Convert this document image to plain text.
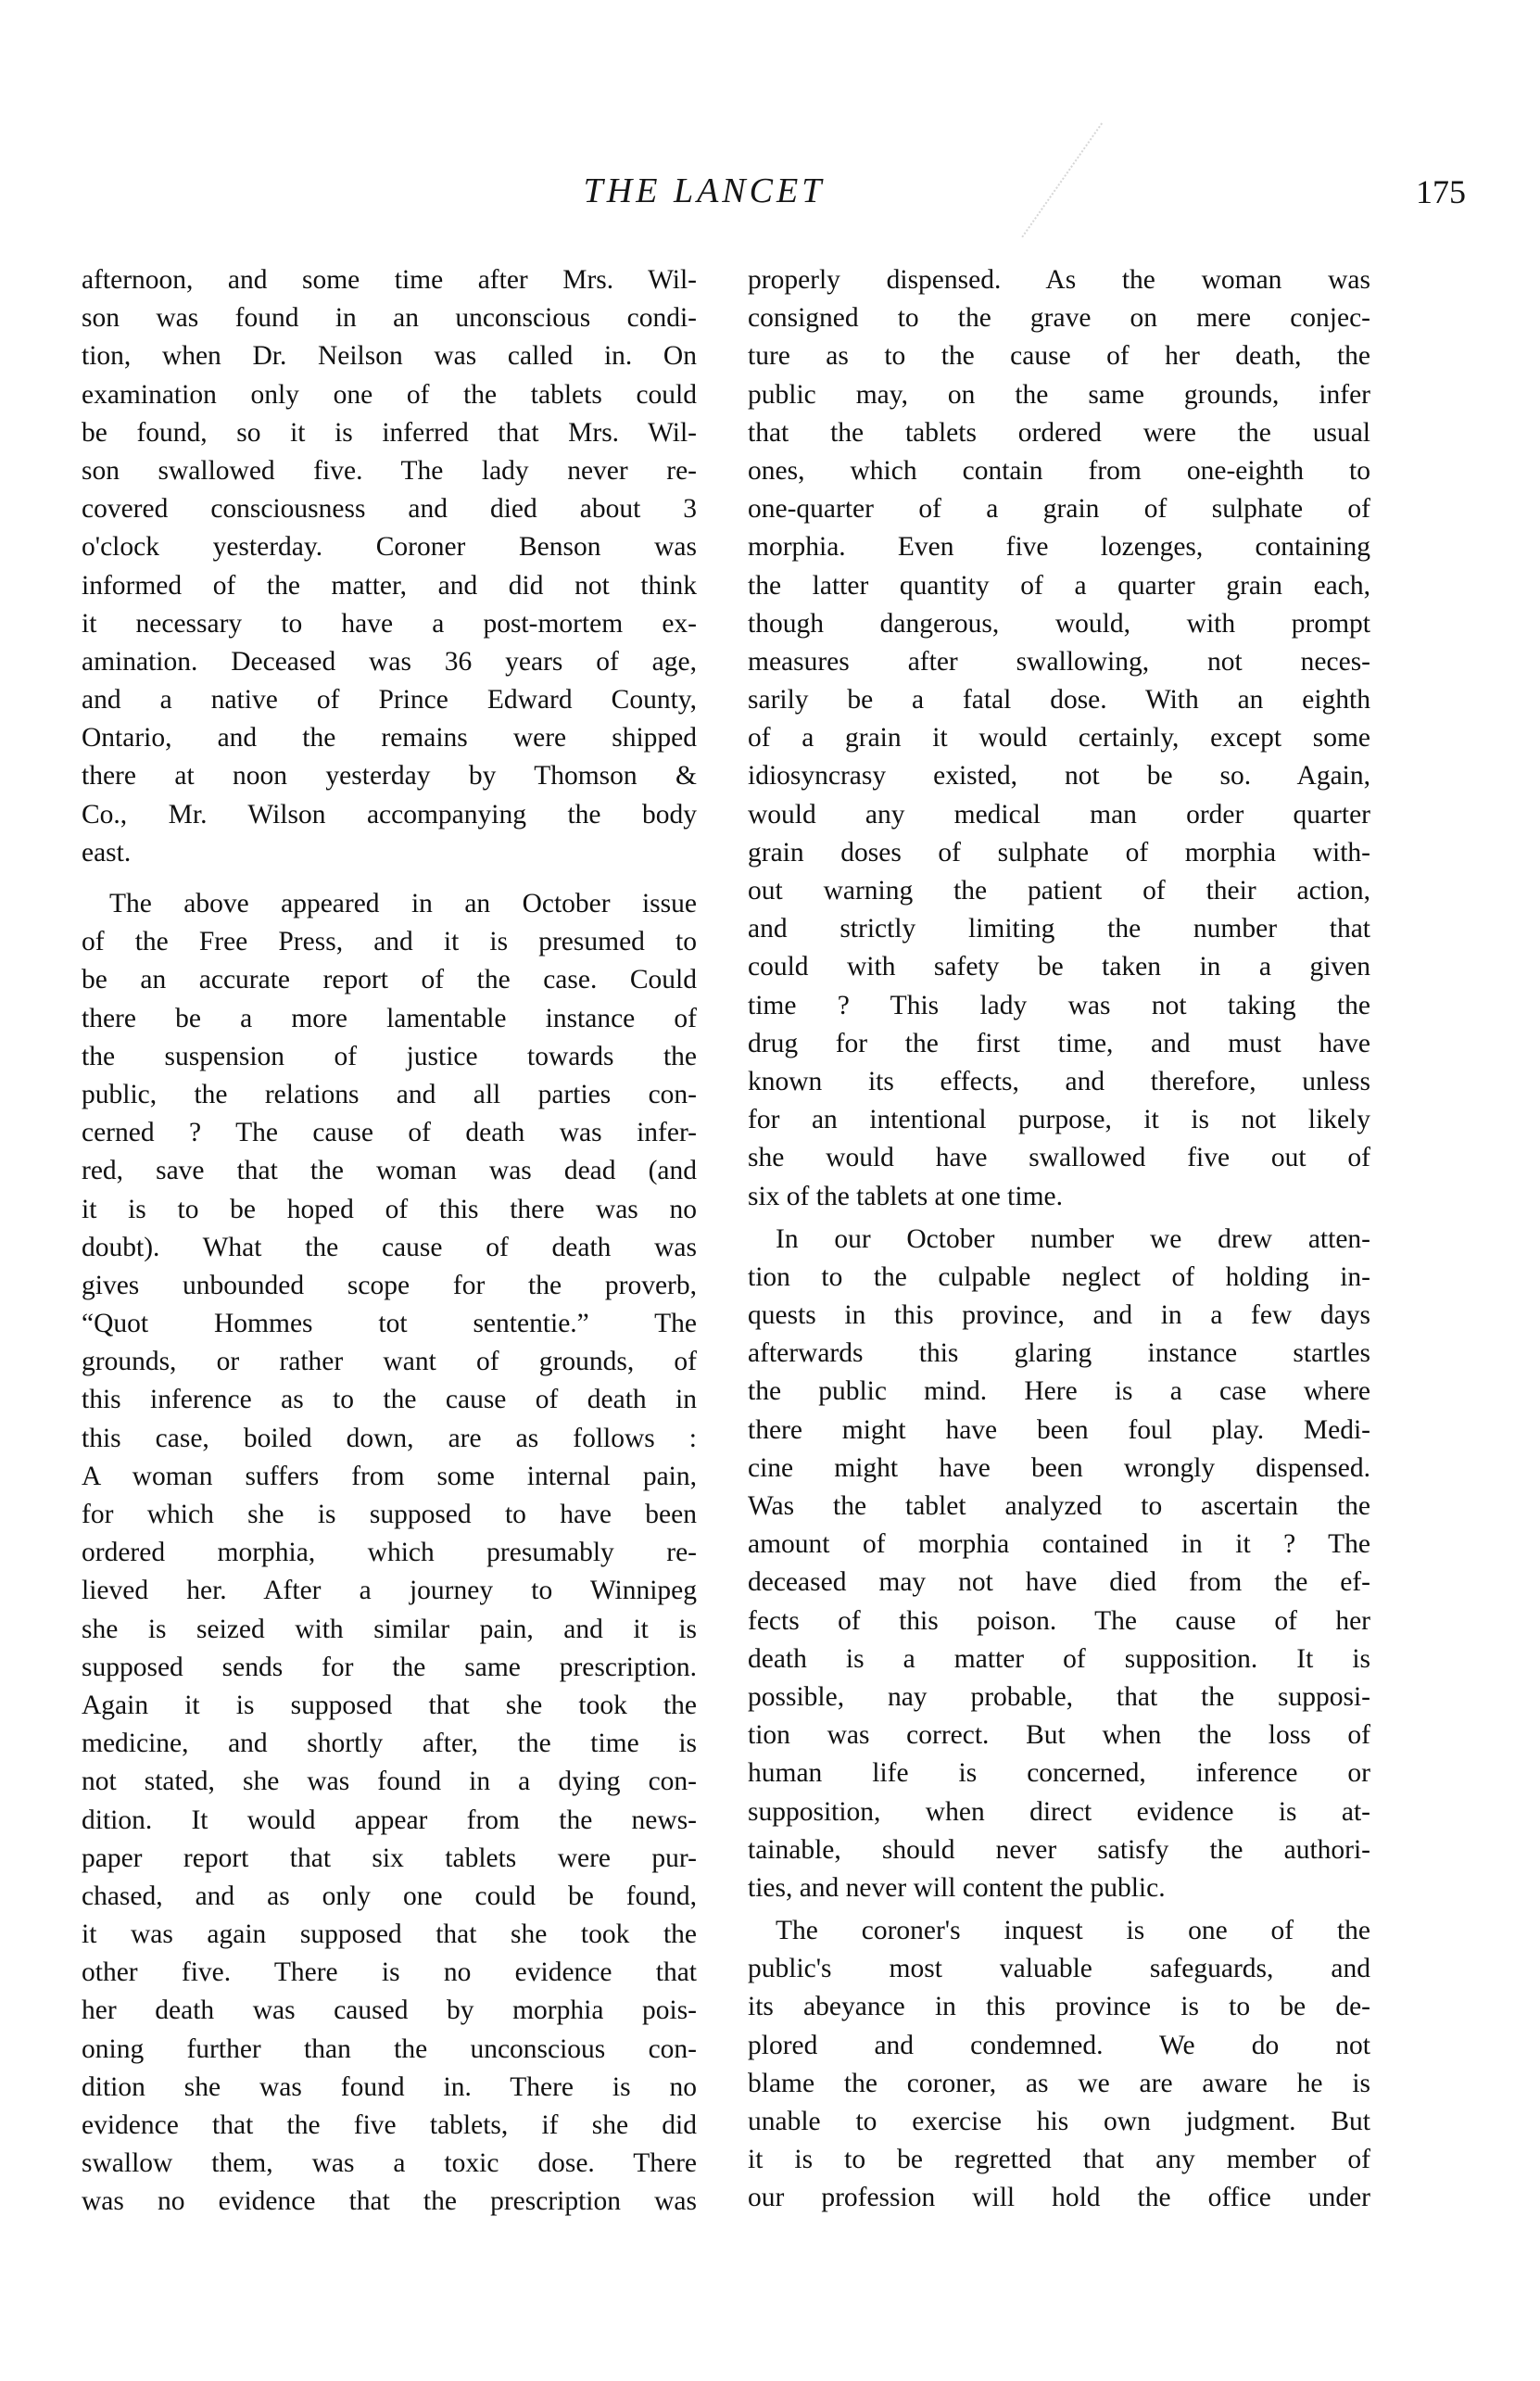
THE LANCET	175
afternoon, and some time after Mrs. Wil-
son was found in an unconscious condi-
tion, when Dr. Neilson was called in. On
examination only one of the tablets could
be found, so it is inferred that Mrs. Wil-
son swallowed five. The lady never re-
covered consciousness and died about 3
o'clock yesterday. Coroner Benson was
informed of the matter, and did not think
it necessary to have a post-mortem ex-
amination. Deceased was 36 years of age,
and a native of Prince Edward County,
Ontario, and the remains were shipped
there at noon yesterday by Thomson &
Co., Mr. Wilson accompanying the body
east.
The above appeared in an October issue
of the Free Press, and it is presumed to
be an accurate report of the case. Could
there be a more lamentable instance of
the suspension of justice towards the
public, the relations and all parties con-
cerned ? The cause of death was infer-
red, save that the woman was dead (and
it is to be hoped of this there was no
doubt). What the cause of death was
gives unbounded scope for the proverb,
“Quot Hommes tot sententie.” The
grounds, or rather want of grounds, of
this inference as to the cause of death in
this case, boiled down, are as follows :
A woman suffers from some internal pain,
for which she is supposed to have been
ordered morphia, which presumably re-
lieved her. After a journey to Winnipeg
she is seized with similar pain, and it is
supposed sends for the same prescription.
Again it is supposed that she took the
medicine, and shortly after, the time is
not stated, she was found in a dying con-
dition. It would appear from the news-
paper report that six tablets were pur-
chased, and as only one could be found,
it was again supposed that she took the
other five. There is no evidence that
her death was caused by morphia pois-
oning further than the unconscious con-
dition she was found in. There is no
evidence that the five tablets, if she did
swallow them, was a toxic dose. There
was no evidence that the prescription was
properly dispensed. As the woman was
consigned to the grave on mere conjec-
ture as to the cause of her death, the
public may, on the same grounds, infer
that the tablets ordered were the usual
ones, which contain from one-eighth to
one-quarter of a grain of sulphate of
morphia. Even five lozenges, containing
the latter quantity of a quarter grain each,
though dangerous, would, with prompt
measures after swallowing, not neces-
sarily be a fatal dose. With an eighth
of a grain it would certainly, except some
idiosyncrasy existed, not be so. Again,
would any medical man order quarter
grain doses of sulphate of morphia with-
out warning the patient of their action,
and strictly limiting the number that
could with safety be taken in a given
time ? This lady was not taking the
drug for the first time, and must have
known its effects, and therefore, unless
for an intentional purpose, it is not likely
she would have swallowed five out of
six of the tablets at one time.
In our October number we drew atten-
tion to the culpable neglect of holding in-
quests in this province, and in a few days
afterwards this glaring instance startles
the public mind. Here is a case where
there might have been foul play. Medi-
cine might have been wrongly dispensed.
Was the tablet analyzed to ascertain the
amount of morphia contained in it ? The
deceased may not have died from the ef-
fects of this poison. The cause of her
death is a matter of supposition. It is
possible, nay probable, that the supposi-
tion was correct. But when the loss of
human life is concerned, inference or
supposition, when direct evidence is at-
tainable, should never satisfy the authori-
ties, and never will content the public.
The coroner's inquest is one of the
public's most valuable safeguards, and
its abeyance in this province is to be de-
plored and condemned. We do not
blame the coroner, as we are aware he is
unable to exercise his own judgment. But
it is to be regretted that any member of
our profession will hold the office under
